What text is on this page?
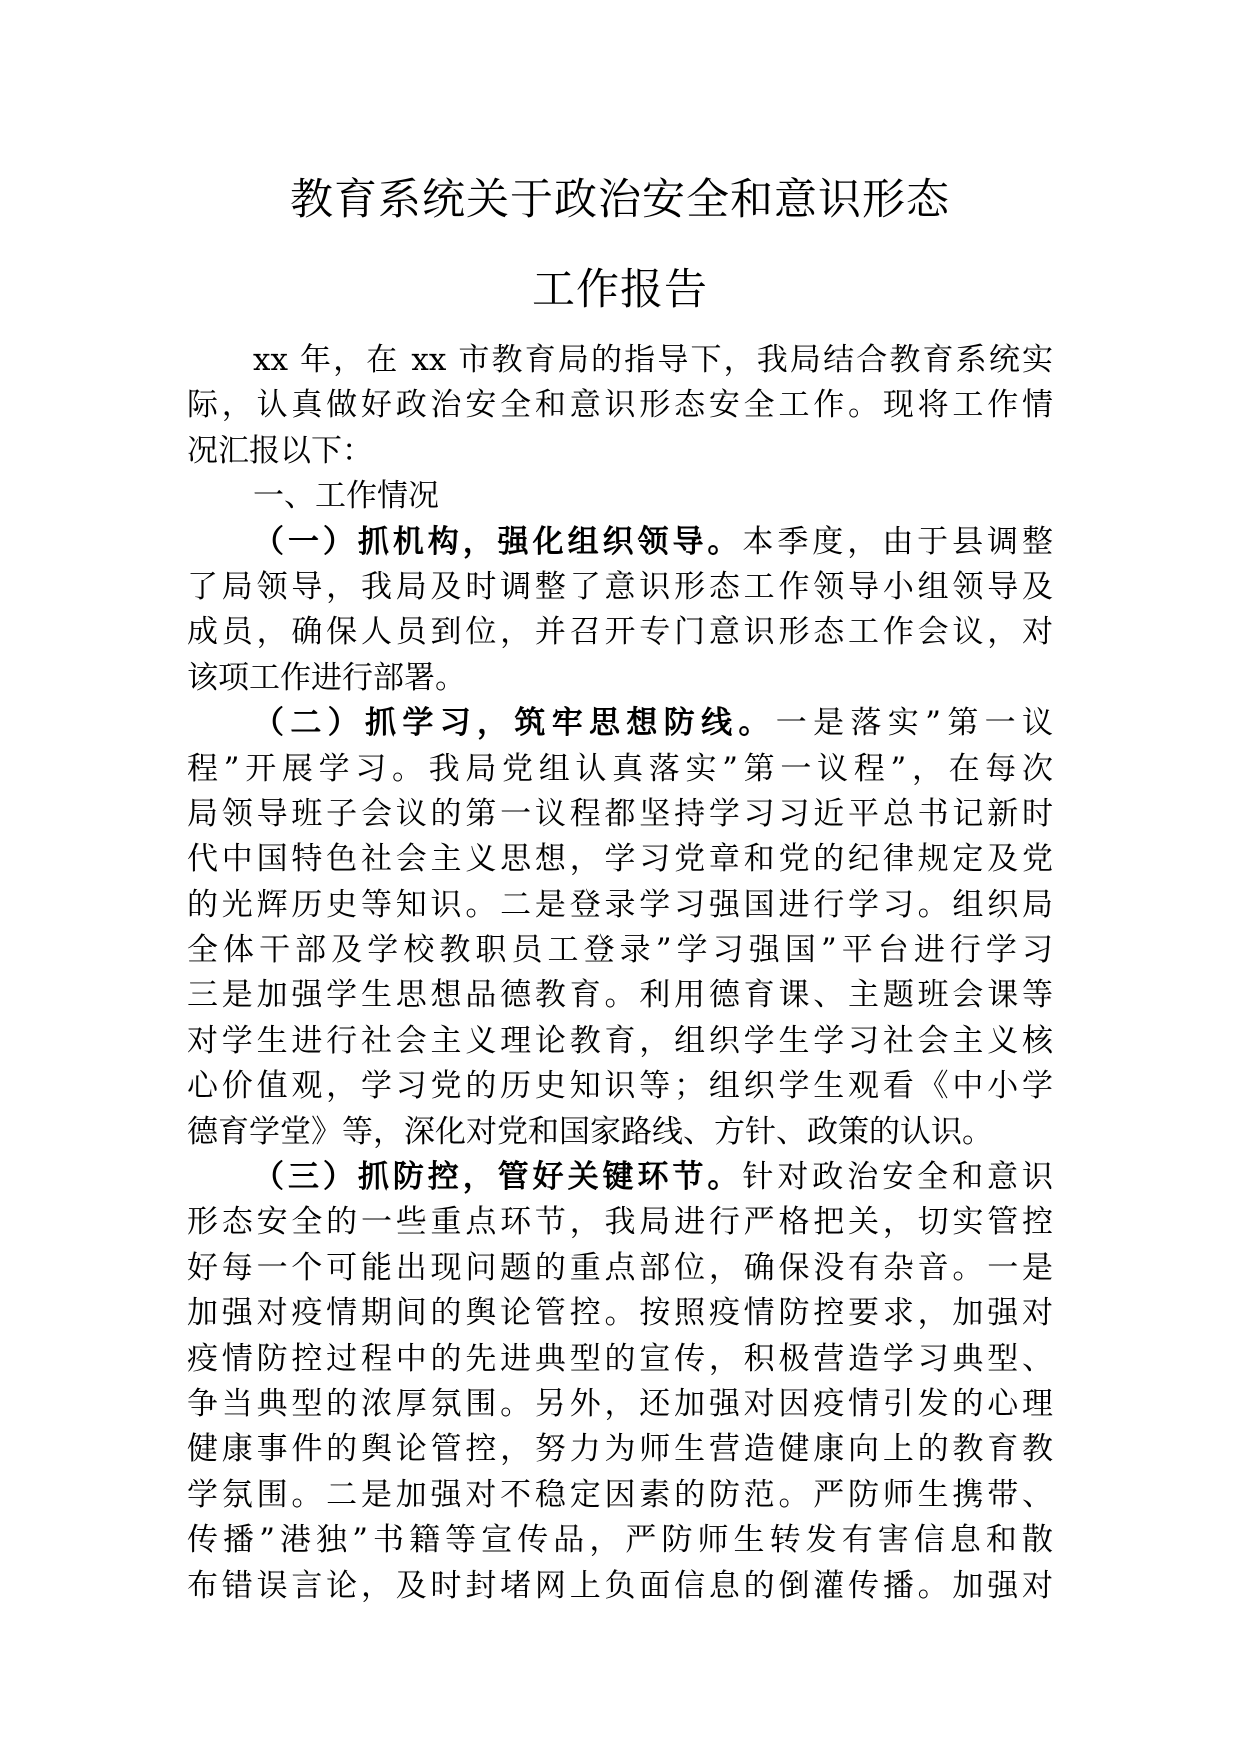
教育系统关于政治安全和意识形态
工作报告
xx 年，在 xx 市教育局的指导下，我局结合教育系统实
际，认真做好政治安全和意识形态安全工作。现将工作情
况汇报以下：
一、工作情况
（一）抓机构，强化组织领导。本季度，由于县调整
了局领导，我局及时调整了意识形态工作领导小组领导及
成员，确保人员到位，并召开专门意识形态工作会议，对
该项工作进行部署。
（二）抓学习，筑牢思想防线。一是落实”第一议
程”开展学习。我局党组认真落实”第一议程”，在每次
局领导班子会议的第一议程都坚持学习习近平总书记新时
代中国特色社会主义思想，学习党章和党的纪律规定及党
的光辉历史等知识。二是登录学习强国进行学习。组织局
全体干部及学校教职员工登录”学习强国”平台进行学习
三是加强学生思想品德教育。利用德育课、主题班会课等
对学生进行社会主义理论教育，组织学生学习社会主义核
心价值观，学习党的历史知识等；组织学生观看《中小学
德育学堂》等，深化对党和国家路线、方针、政策的认识。
（三）抓防控，管好关键环节。针对政治安全和意识
形态安全的一些重点环节，我局进行严格把关，切实管控
好每一个可能出现问题的重点部位，确保没有杂音。一是
加强对疫情期间的舆论管控。按照疫情防控要求，加强对
疫情防控过程中的先进典型的宣传，积极营造学习典型、
争当典型的浓厚氛围。另外，还加强对因疫情引发的心理
健康事件的舆论管控，努力为师生营造健康向上的教育教
学氛围。二是加强对不稳定因素的防范。严防师生携带、
传播”港独”书籍等宣传品，严防师生转发有害信息和散
布错误言论，及时封堵网上负面信息的倒灌传播。加强对
